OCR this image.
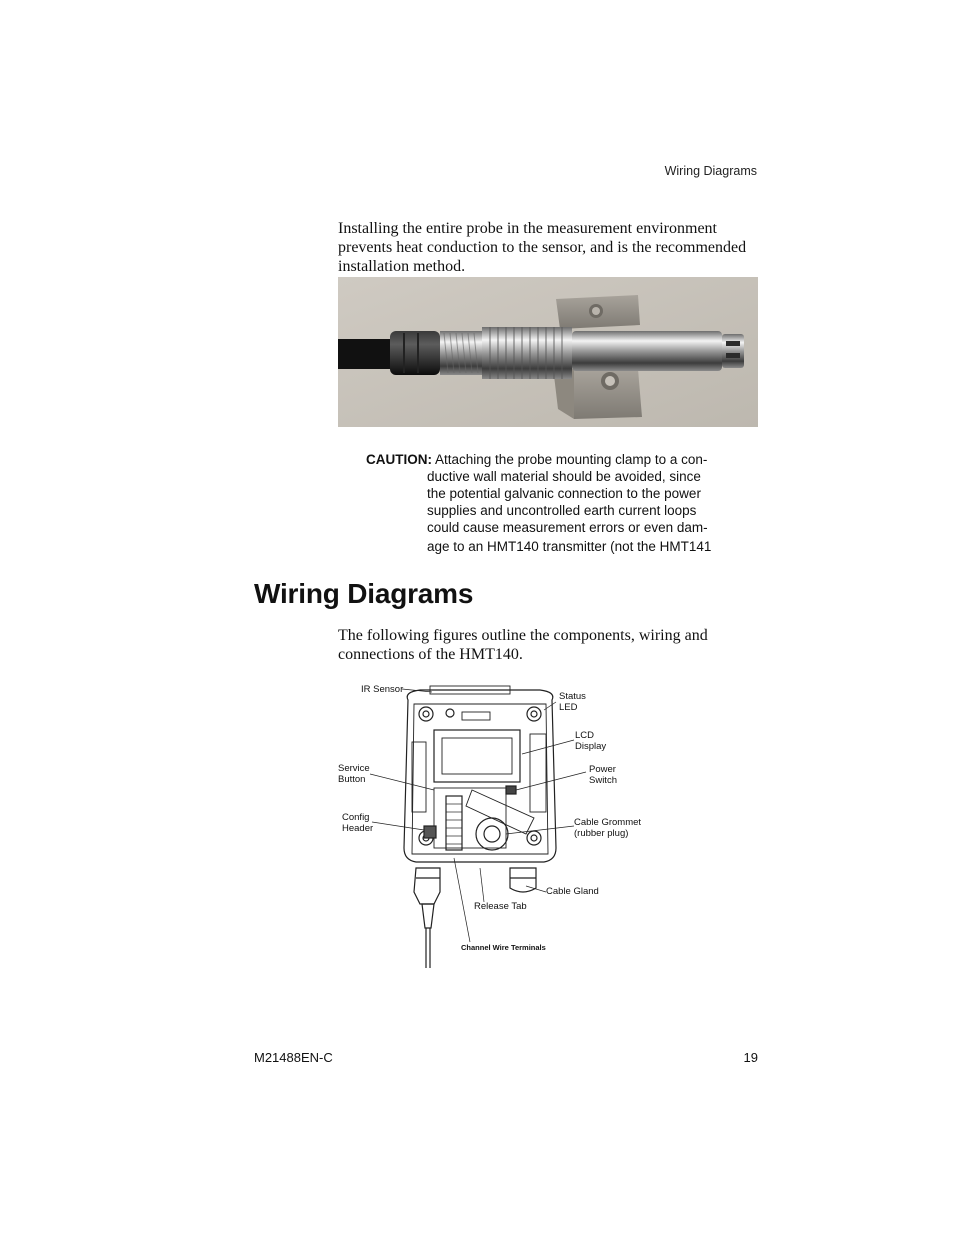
Wiring Diagrams

Installing the entire probe in the measurement environment prevents heat conduction to the sensor, and is the recommended installation method.

CAUTION: Attaching the probe mounting clamp to a con-
ductive wall material should be avoided, since
the potential galvanic connection to the power
supplies and uncontrolled earth current loops
could cause measurement errors or even dam-
age to an HMT140 transmitter (not the HMT141
Wiring Diagrams

The following figures outline the components, wiring and connections of the HMT140.

IR Sensor
Status
LED
LCD
Display
Service
Button
Power
Switch
Config
Header
Cable Grommet
(rubber plug)
Cable Gland
Release Tab
Channel Wire Terminals
M21488EN-C	19
